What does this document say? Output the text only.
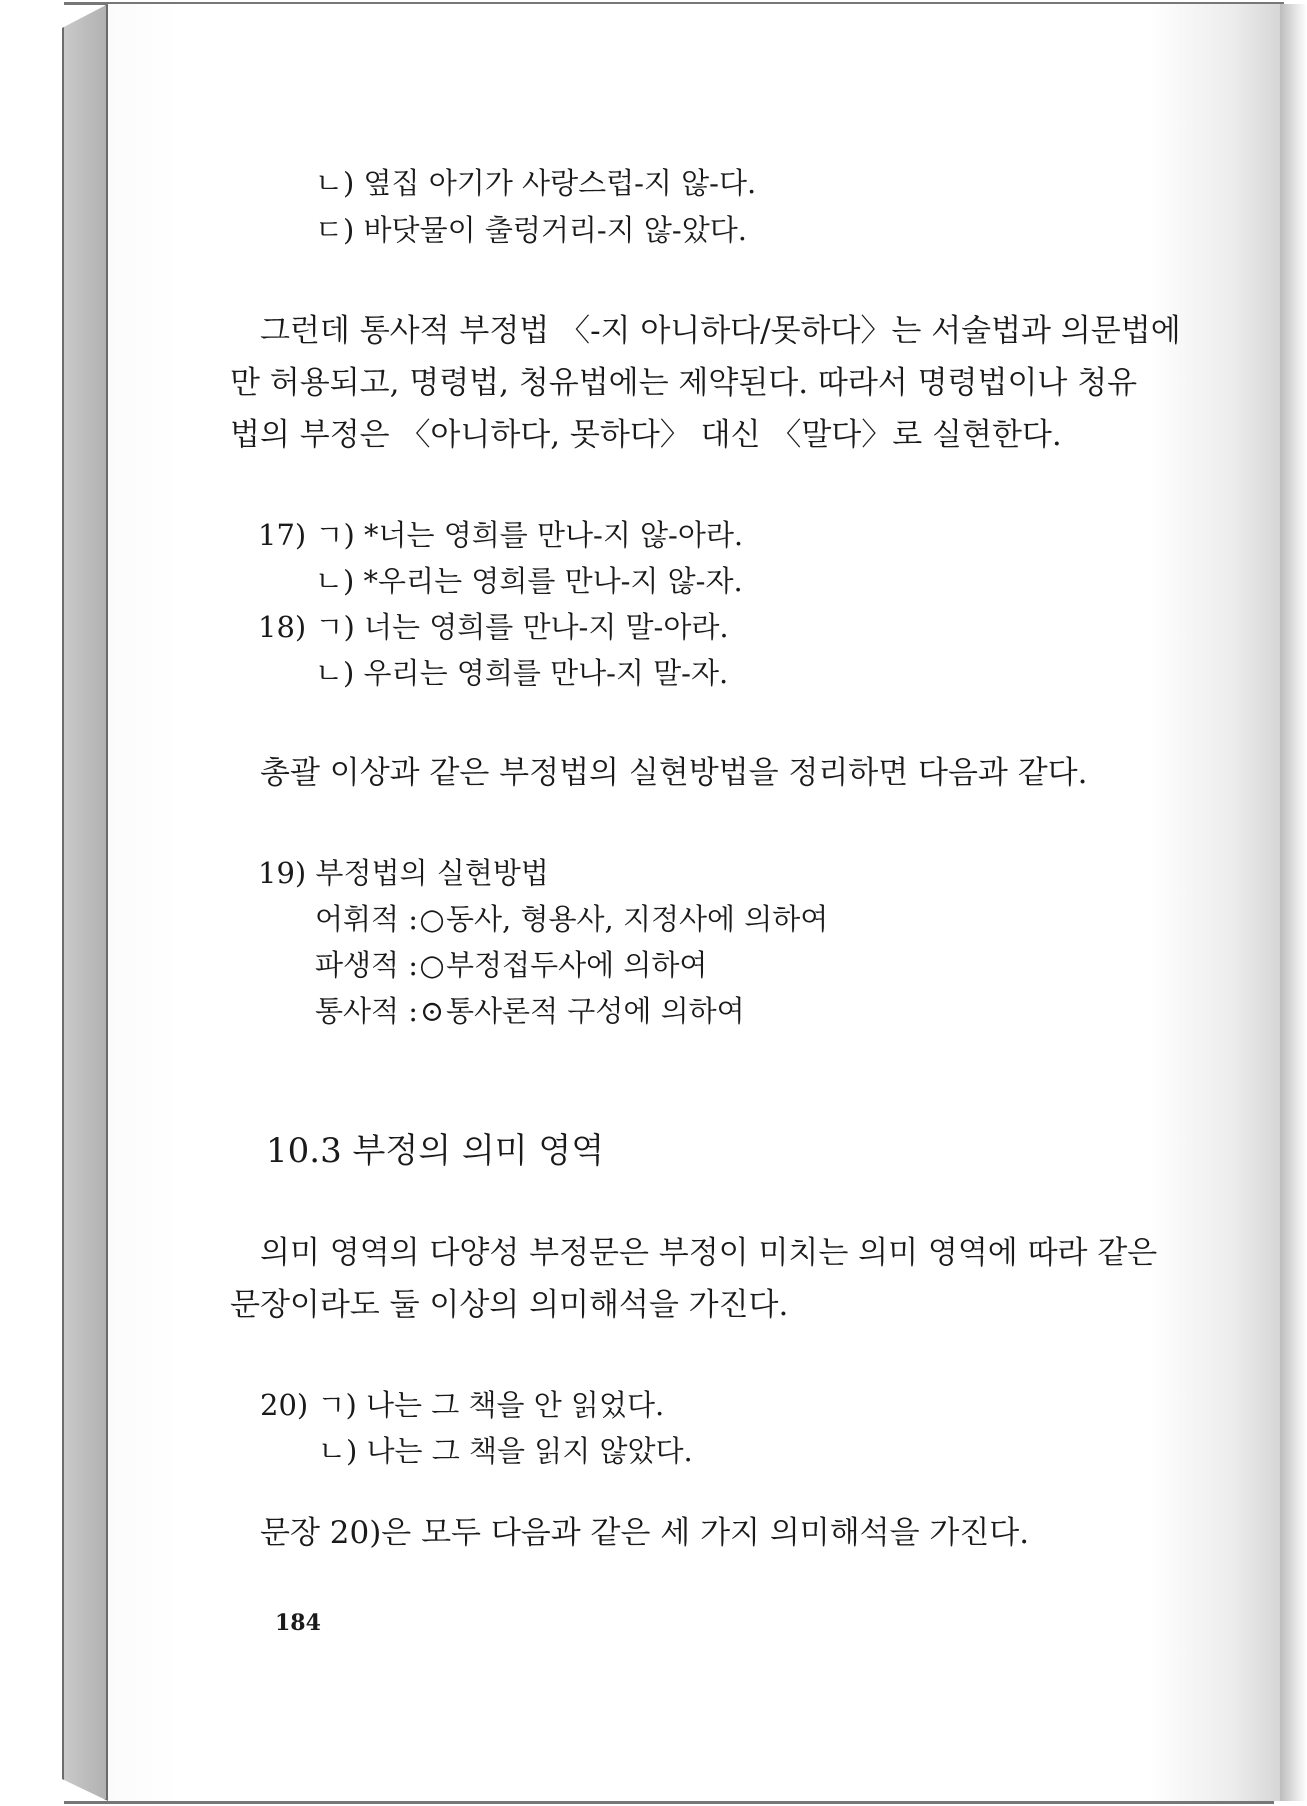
ㄴ) 옆집 아기가 사랑스럽-지 않-다.
ㄷ) 바닷물이 출렁거리-지 않-았다.
그런데 통사적 부정법 〈-지 아니하다/못하다〉는 서술법과 의문법에
만 허용되고, 명령법, 청유법에는 제약된다. 따라서 명령법이나 청유
법의 부정은 〈아니하다, 못하다〉 대신 〈말다〉로 실현한다.
17) ㄱ) *너는 영희를 만나-지 않-아라.
ㄴ) *우리는 영희를 만나-지 않-자.
18) ㄱ) 너는 영희를 만나-지 말-아라.
ㄴ) 우리는 영희를 만나-지 말-자.
총괄 이상과 같은 부정법의 실현방법을 정리하면 다음과 같다.
19) 부정법의 실현방법
어휘적 :○동사, 형용사, 지정사에 의하여
파생적 :○부정접두사에 의하여
통사적 :⊙통사론적 구성에 의하여
10.3 부정의 의미 영역
의미 영역의 다양성 부정문은 부정이 미치는 의미 영역에 따라 같은
문장이라도 둘 이상의 의미해석을 가진다.
20) ㄱ) 나는 그 책을 안 읽었다.
ㄴ) 나는 그 책을 읽지 않았다.
문장 20)은 모두 다음과 같은 세 가지 의미해석을 가진다.
184
